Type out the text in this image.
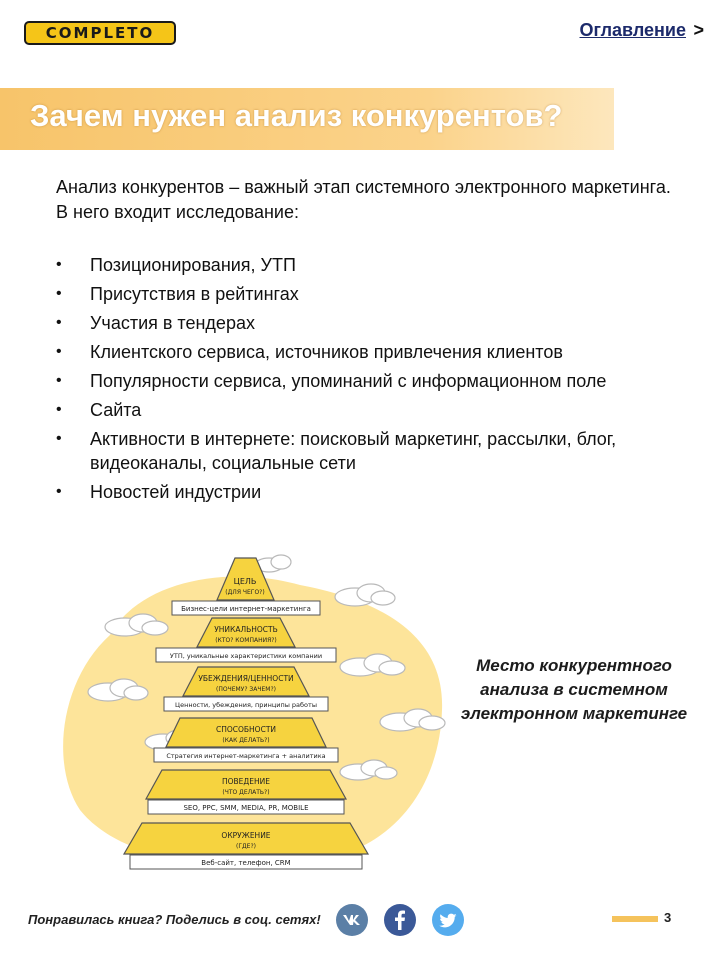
COMPLETO	Оглавление >
Зачем нужен анализ конкурентов?

Анализ конкурентов – важный этап системного электронного маркетинга. В него входит исследование:

• Позиционирования, УТП
• Присутствия в рейтингах
• Участия в тендерах
• Клиентского сервиса, источников привлечения клиентов
• Популярности сервиса, упоминаний с информационном поле
• Сайта
• Активности в интернете: поисковый маркетинг, рассылки, блог, видеоканалы, социальные сети
• Новостей индустрии
ЦЕЛЬ
(ДЛЯ ЧЕГО?)
Бизнес-цели интернет-маркетинга
УНИКАЛЬНОСТЬ
(КТО? КОМПАНИЯ?)
УТП, уникальные характеристики компании
УБЕЖДЕНИЯ/ЦЕННОСТИ
(ПОЧЕМУ? ЗАЧЕМ?)
Ценности, убеждения, принципы работы
СПОСОБНОСТИ
(КАК ДЕЛАТЬ?)
Стратегия интернет-маркетинга + аналитика
ПОВЕДЕНИЕ
(ЧТО ДЕЛАТЬ?)
SEO, PPC, SMM, MEDIA, PR, MOBILE
ОКРУЖЕНИЕ
(ГДЕ?)
Веб-сайт, телефон, CRM
Место конкурентного анализа в системном электронном маркетинге
Понравилась книга? Поделись в соц. сетях!	3
